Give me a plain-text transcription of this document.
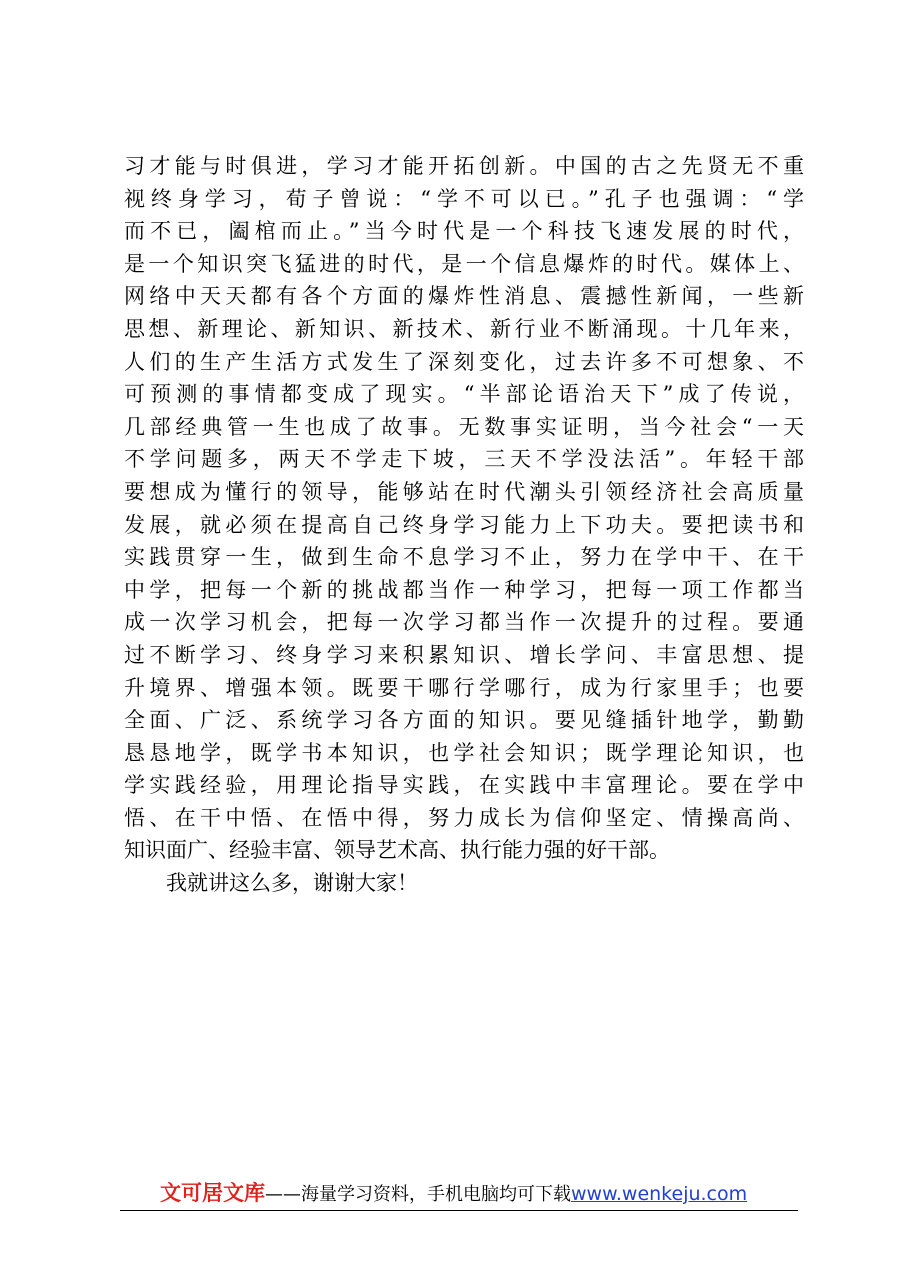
习才能与时俱进，学习才能开拓创新。中国的古之先贤无不重
视终身学习，荀子曾说：“学不可以已。”孔子也强调：“学
而不已，阖棺而止。”当今时代是一个科技飞速发展的时代，
是一个知识突飞猛进的时代，是一个信息爆炸的时代。媒体上、
网络中天天都有各个方面的爆炸性消息、震撼性新闻，一些新
思想、新理论、新知识、新技术、新行业不断涌现。十几年来，
人们的生产生活方式发生了深刻变化，过去许多不可想象、不
可预测的事情都变成了现实。“半部论语治天下”成了传说，
几部经典管一生也成了故事。无数事实证明，当今社会“一天
不学问题多，两天不学走下坡，三天不学没法活”。年轻干部
要想成为懂行的领导，能够站在时代潮头引领经济社会高质量
发展，就必须在提高自己终身学习能力上下功夫。要把读书和
实践贯穿一生，做到生命不息学习不止，努力在学中干、在干
中学，把每一个新的挑战都当作一种学习，把每一项工作都当
成一次学习机会，把每一次学习都当作一次提升的过程。要通
过不断学习、终身学习来积累知识、增长学问、丰富思想、提
升境界、增强本领。既要干哪行学哪行，成为行家里手；也要
全面、广泛、系统学习各方面的知识。要见缝插针地学，勤勤
恳恳地学，既学书本知识，也学社会知识；既学理论知识，也
学实践经验，用理论指导实践，在实践中丰富理论。要在学中
悟、在干中悟、在悟中得，努力成长为信仰坚定、情操高尚、
知识面广、经验丰富、领导艺术高、执行能力强的好干部。
我就讲这么多，谢谢大家！
文可居文库——海量学习资料，手机电脑均可下载www.wenkeju.com
